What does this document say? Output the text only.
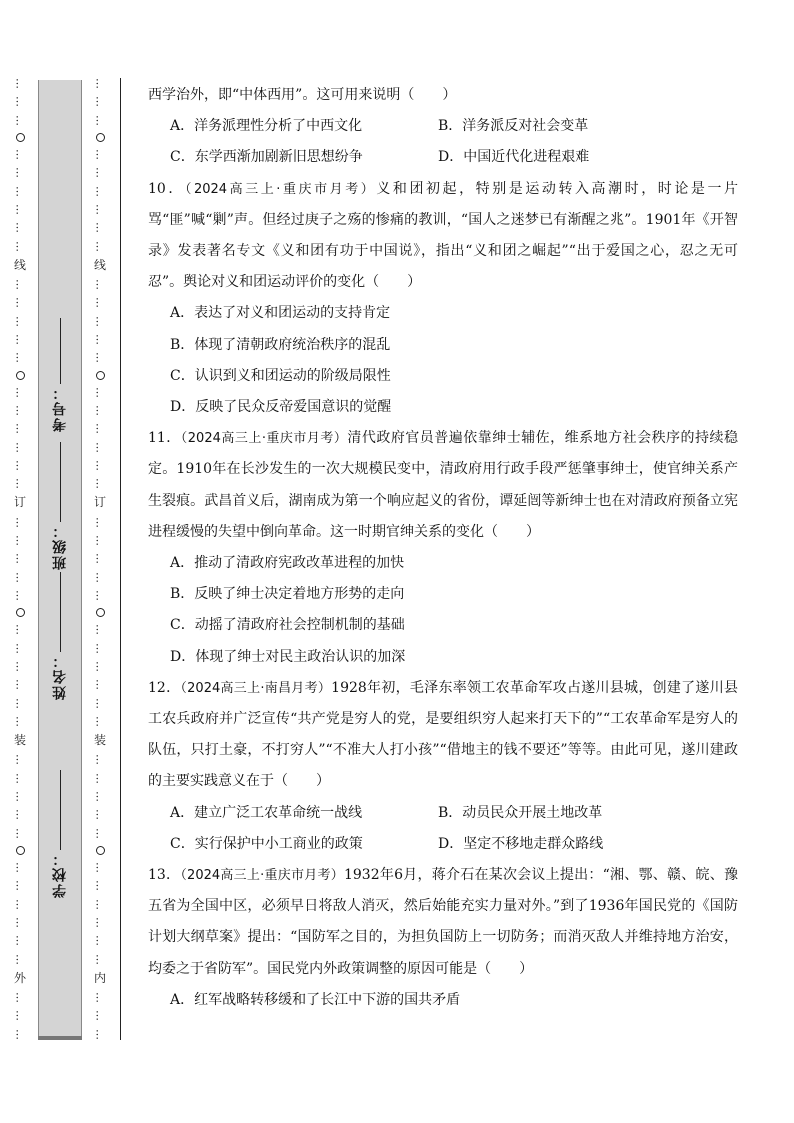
…
…
…
…
…
…
…
…
…
线
…
…
…
…
…
…
…
…
…
…
…
订
…
…
…
…
…
…
…
…
…
…
…
装
…
…
…
…
…
…
…
…
…
…
…
外
…
…
…
…
…
…
…
…
…
…
…
…
线
…
…
…
…
…
…
…
…
…
…
…
订
…
…
…
…
…
…
…
…
…
…
…
装
…
…
…
…
…
…
…
…
…
…
…
内
…
…
…
学校：
姓名：
班级：
考号：

西学治外，即“中体西用”。这可用来说明（　　）

A．洋务派理性分析了中西文化	B．洋务派反对社会变革
C．东学西渐加剧新旧思想纷争	D．中国近代化进程艰难

10．（2024高三上·重庆市月考）义和团初起，特别是运动转入高潮时，时论是一片骂“匪”喊“剿”声。但经过庚子之殇的惨痛的教训，“国人之迷梦已有渐醒之兆”。1901年《开智录》发表著名专文《义和团有功于中国说》，指出“义和团之崛起”“出于爱国之心，忍之无可忍”。舆论对义和团运动评价的变化（　　）

A．表达了对义和团运动的支持肯定

B．体现了清朝政府统治秩序的混乱

C．认识到义和团运动的阶级局限性

D．反映了民众反帝爱国意识的觉醒

11．（2024高三上·重庆市月考）清代政府官员普遍依靠绅士辅佐，维系地方社会秩序的持续稳定。1910年在长沙发生的一次大规模民变中，清政府用行政手段严惩肇事绅士，使官绅关系产生裂痕。武昌首义后，湖南成为第一个响应起义的省份，谭延闿等新绅士也在对清政府预备立宪进程缓慢的失望中倒向革命。这一时期官绅关系的变化（　　）

A．推动了清政府宪政改革进程的加快

B．反映了绅士决定着地方形势的走向

C．动摇了清政府社会控制机制的基础

D．体现了绅士对民主政治认识的加深

12．（2024高三上·南昌月考）1928年初，毛泽东率领工农革命军攻占遂川县城，创建了遂川县工农兵政府并广泛宣传“共产党是穷人的党，是要组织穷人起来打天下的”“工农革命军是穷人的队伍，只打土豪，不打穷人”“不准大人打小孩”“借地主的钱不要还”等等。由此可见，遂川建政的主要实践意义在于（　　）

A．建立广泛工农革命统一战线	B．动员民众开展土地改革
C．实行保护中小工商业的政策	D．坚定不移地走群众路线

13．（2024高三上·重庆市月考）1932年6月，蒋介石在某次会议上提出：“湘、鄂、赣、皖、豫五省为全国中区，必须早日将敌人消灭，然后始能充实力量对外。”到了1936年国民党的《国防计划大纲草案》提出：“国防军之目的，为担负国防上一切防务；而消灭敌人并维持地方治安，均委之于省防军”。国民党内外政策调整的原因可能是（　　）

A．红军战略转移缓和了长江中下游的国共矛盾
